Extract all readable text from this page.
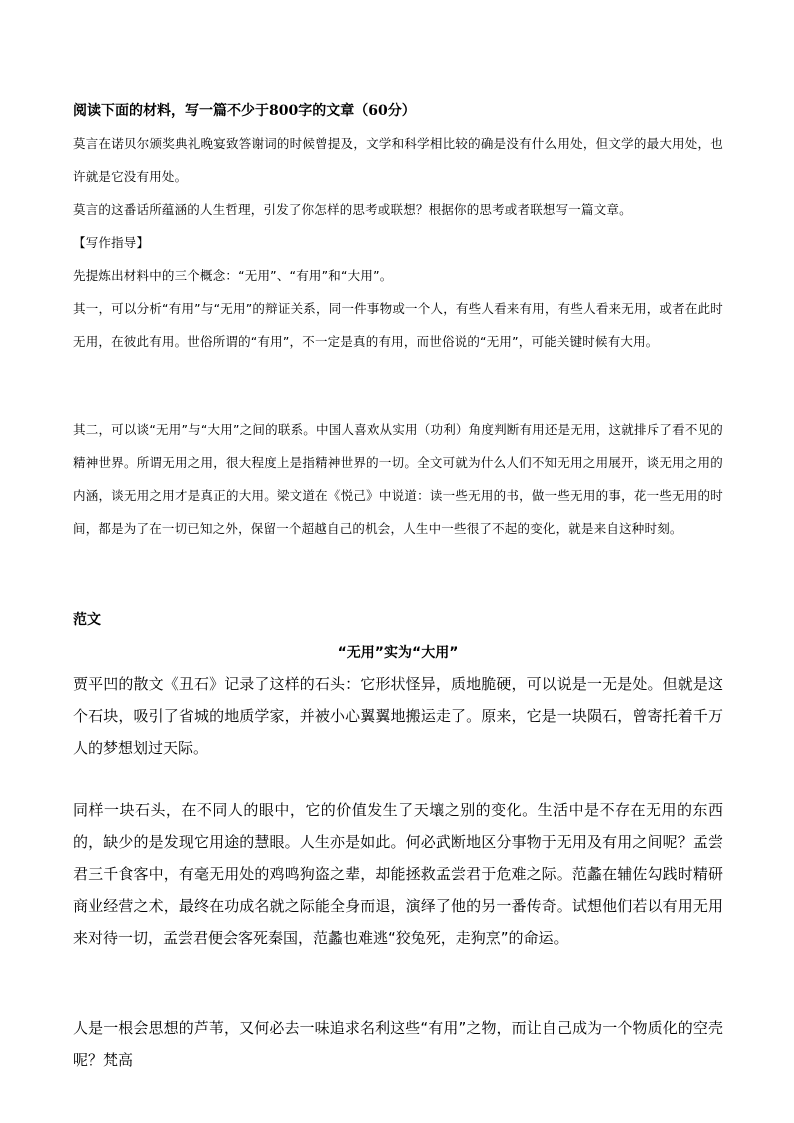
阅读下面的材料，写一篇不少于800字的文章（60分）

莫言在诺贝尔颁奖典礼晚宴致答谢词的时候曾提及，文学和科学相比较的确是没有什么用处，但文学的最大用处，也许就是它没有用处。

莫言的这番话所蕴涵的人生哲理，引发了你怎样的思考或联想？根据你的思考或者联想写一篇文章。

【写作指导】

先提炼出材料中的三个概念：“无用”、“有用”和“大用”。

其一，可以分析“有用”与“无用”的辩证关系，同一件事物或一个人，有些人看来有用，有些人看来无用，或者在此时无用，在彼此有用。世俗所谓的“有用”，不一定是真的有用，而世俗说的“无用”，可能关键时候有大用。

其二，可以谈“无用”与“大用”之间的联系。中国人喜欢从实用（功利）角度判断有用还是无用，这就排斥了看不见的精神世界。所谓无用之用，很大程度上是指精神世界的一切。全文可就为什么人们不知无用之用展开，谈无用之用的内涵，谈无用之用才是真正的大用。梁文道在《悦己》中说道：读一些无用的书，做一些无用的事，花一些无用的时间，都是为了在一切已知之外，保留一个超越自己的机会，人生中一些很了不起的变化，就是来自这种时刻。

范文
“无用”实为“大用”

贾平凹的散文《丑石》记录了这样的石头：它形状怪异，质地脆硬，可以说是一无是处。但就是这个石块，吸引了省城的地质学家，并被小心翼翼地搬运走了。原来，它是一块陨石，曾寄托着千万人的梦想划过天际。

同样一块石头，在不同人的眼中，它的价值发生了天壤之别的变化。生活中是不存在无用的东西的，缺少的是发现它用途的慧眼。人生亦是如此。何必武断地区分事物于无用及有用之间呢？孟尝君三千食客中，有毫无用处的鸡鸣狗盗之辈，却能拯救孟尝君于危难之际。范蠡在辅佐勾践时精研商业经营之术，最终在功成名就之际能全身而退，演绎了他的另一番传奇。试想他们若以有用无用来对待一切，孟尝君便会客死秦国，范蠡也难逃“狡兔死，走狗烹”的命运。

人是一根会思想的芦苇，又何必去一味追求名利这些“有用”之物，而让自己成为一个物质化的空壳呢？梵高
